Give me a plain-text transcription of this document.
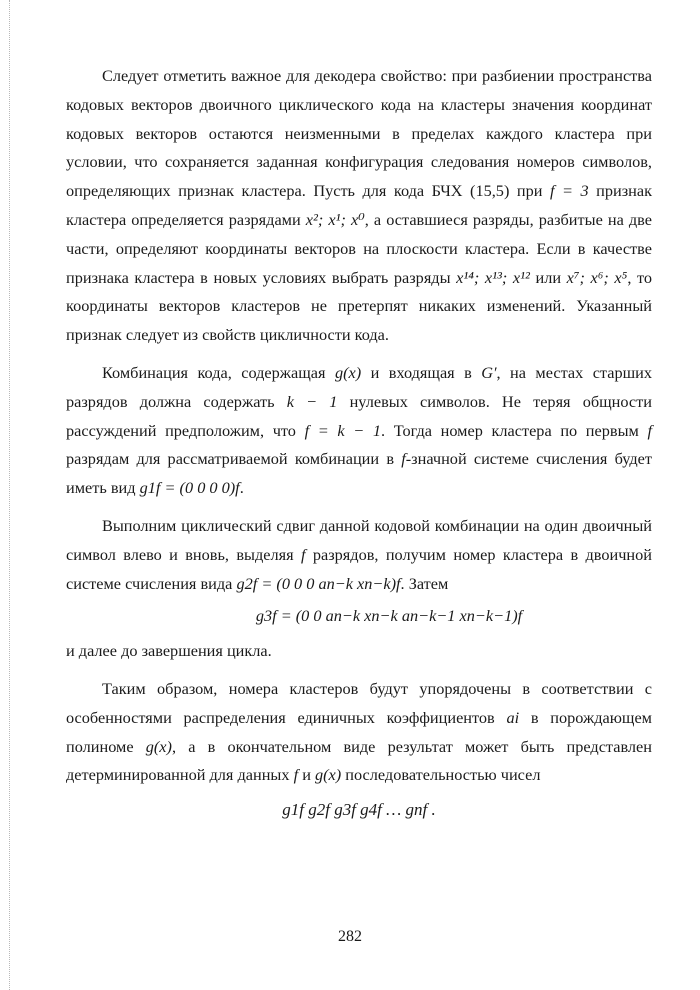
Следует отметить важное для декодера свойство: при разбиении пространства кодовых векторов двоичного циклического кода на кластеры значения координат кодовых векторов остаются неизменными в пределах каждого кластера при условии, что сохраняется заданная конфигурация следования номеров символов, определяющих признак кластера. Пусть для кода БЧХ (15,5) при f = 3 признак кластера определяется разрядами x²; x¹; x⁰, а оставшиеся разряды, разбитые на две части, определяют координаты векторов на плоскости кластера. Если в качестве признака кластера в новых условиях выбрать разряды x¹⁴; x¹³; x¹² или x⁷; x⁶; x⁵, то координаты векторов кластеров не претерпят никаких изменений. Указанный признак следует из свойств цикличности кода.

Комбинация кода, содержащая g(x) и входящая в G′, на местах старших разрядов должна содержать k − 1 нулевых символов. Не теряя общности рассуждений предположим, что f = k − 1. Тогда номер кластера по первым f разрядам для рассматриваемой комбинации в f-значной системе счисления будет иметь вид g1f = (0 0 0 0)f.

Выполним циклический сдвиг данной кодовой комбинации на один двоичный символ влево и вновь, выделяя f разрядов, получим номер кластера в двоичной системе счисления вида g2f = (0 0 0 an−k xn−k)f. Затем

g3f = (0 0 an−k xn−k an−k−1 xn−k−1)f

и далее до завершения цикла.

Таким образом, номера кластеров будут упорядочены в соответствии с особенностями распределения единичных коэффициентов ai в порождающем полиноме g(x), а в окончательном виде результат может быть представлен детерминированной для данных f и g(x) последовательностью чисел

g1f g2f g3f g4f … gnf .

282
